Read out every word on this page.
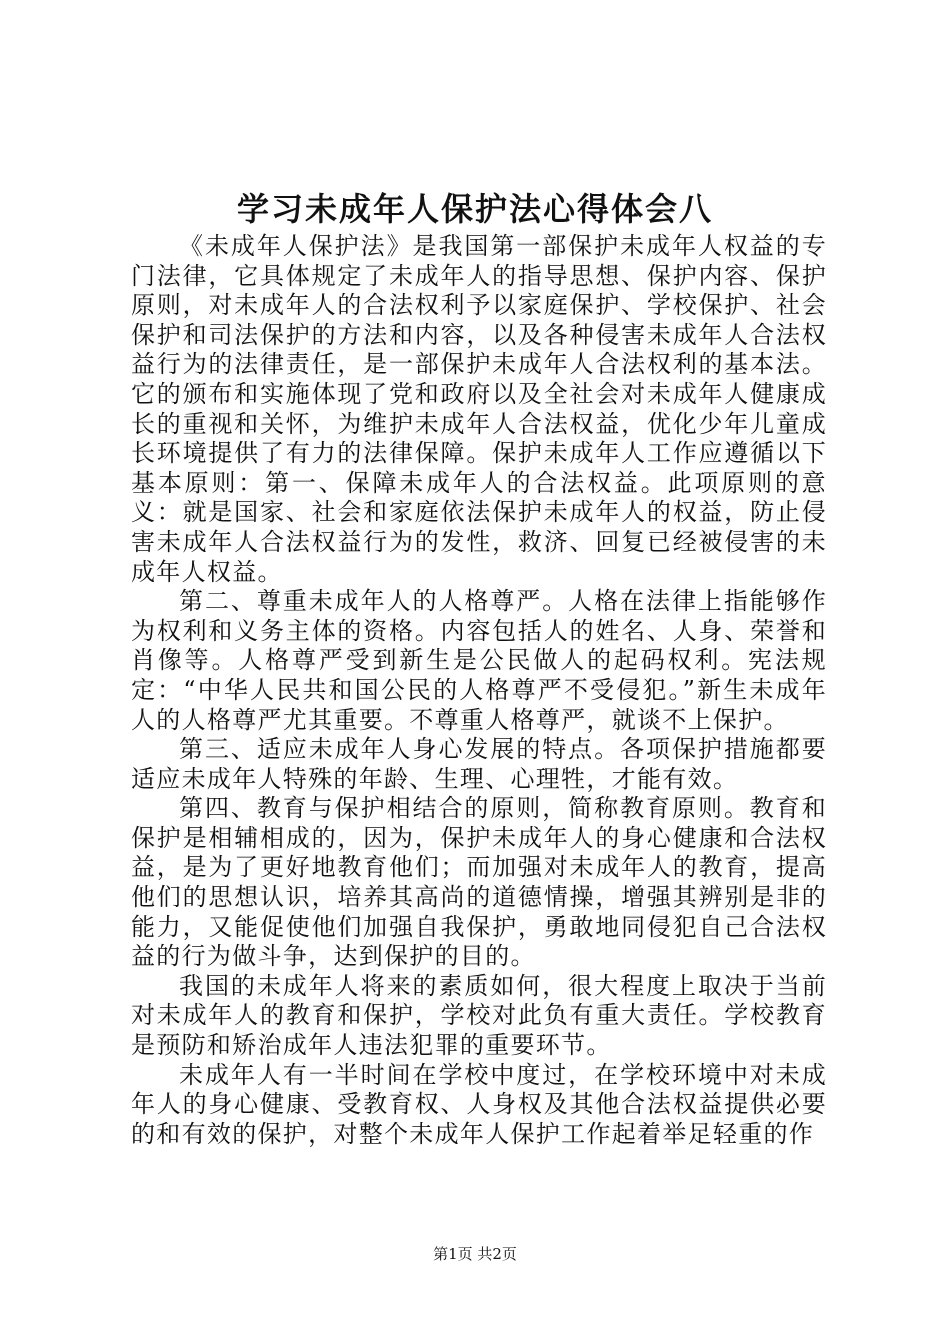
学习未成年人保护法心得体会八

《未成年人保护法》是我国第一部保护未成年人权益的专门法律，它具体规定了未成年人的指导思想、保护内容、保护原则，对未成年人的合法权利予以家庭保护、学校保护、社会保护和司法保护的方法和内容，以及各种侵害未成年人合法权益行为的法律责任，是一部保护未成年人合法权利的基本法。它的颁布和实施体现了党和政府以及全社会对未成年人健康成长的重视和关怀，为维护未成年人合法权益，优化少年儿童成长环境提供了有力的法律保障。保护未成年人工作应遵循以下基本原则：第一、保障未成年人的合法权益。此项原则的意义：就是国家、社会和家庭依法保护未成年人的权益，防止侵害未成年人合法权益行为的发性，救济、回复已经被侵害的未成年人权益。

第二、尊重未成年人的人格尊严。人格在法律上指能够作为权利和义务主体的资格。内容包括人的姓名、人身、荣誉和肖像等。人格尊严受到新生是公民做人的起码权利。宪法规定：“中华人民共和国公民的人格尊严不受侵犯。”新生未成年人的人格尊严尤其重要。不尊重人格尊严，就谈不上保护。

第三、适应未成年人身心发展的特点。各项保护措施都要适应未成年人特殊的年龄、生理、心理牲，才能有效。

第四、教育与保护相结合的原则，简称教育原则。教育和保护是相辅相成的，因为，保护未成年人的身心健康和合法权益，是为了更好地教育他们；而加强对未成年人的教育，提高他们的思想认识，培养其高尚的道德情操，增强其辨别是非的能力，又能促使他们加强自我保护，勇敢地同侵犯自己合法权益的行为做斗争，达到保护的目的。

我国的未成年人将来的素质如何，很大程度上取决于当前对未成年人的教育和保护，学校对此负有重大责任。学校教育是预防和矫治成年人违法犯罪的重要环节。

未成年人有一半时间在学校中度过，在学校环境中对未成年人的身心健康、受教育权、人身权及其他合法权益提供必要的和有效的保护，对整个未成年人保护工作起着举足轻重的作

第1页 共2页
